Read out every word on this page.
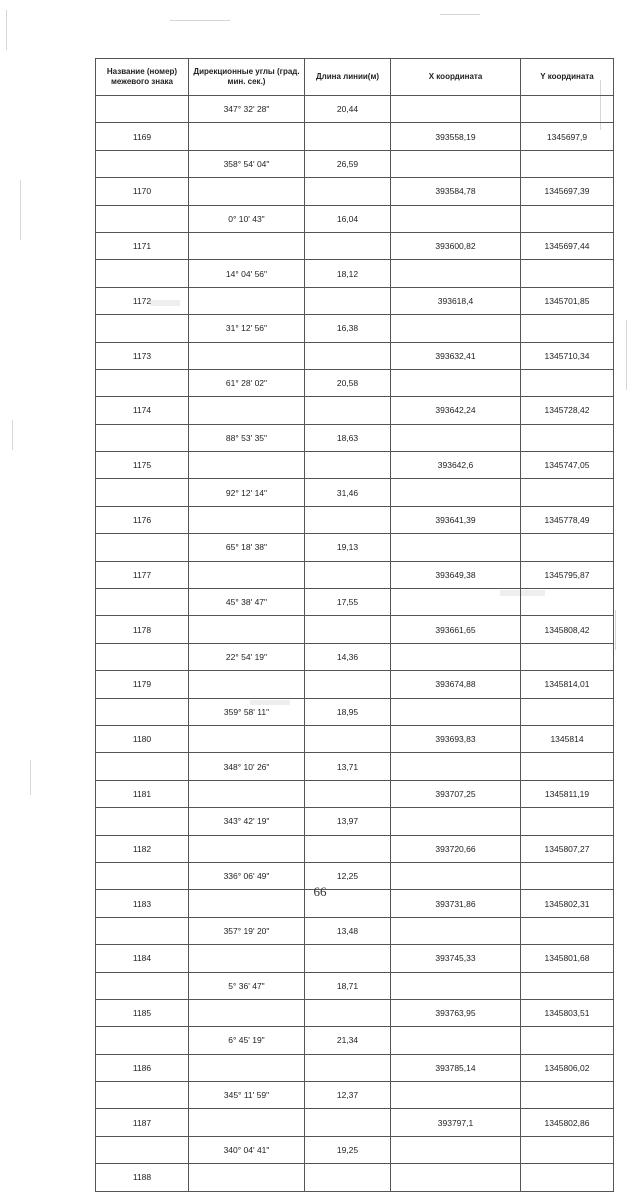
Название (номер) межевого знака	Дирекционные углы (град. мин. сек.)	Длина линии(м)	X координата	Y координата
	347° 32' 28"	20,44		
1169			393558,19	1345697,9
	358° 54' 04"	26,59		
1170			393584,78	1345697,39
	0° 10' 43"	16,04		
1171			393600,82	1345697,44
	14° 04' 56"	18,12		
1172			393618,4	1345701,85
	31° 12' 56"	16,38		
1173			393632,41	1345710,34
	61° 28' 02"	20,58		
1174			393642,24	1345728,42
	88° 53' 35"	18,63		
1175			393642,6	1345747,05
	92° 12' 14"	31,46		
1176			393641,39	1345778,49
	65° 18' 38"	19,13		
1177			393649,38	1345795,87
	45° 38' 47"	17,55		
1178			393661,65	1345808,42
	22° 54' 19"	14,36		
1179			393674,88	1345814,01
	359° 58' 11"	18,95		
1180			393693,83	1345814
	348° 10' 26"	13,71		
1181			393707,25	1345811,19
	343° 42' 19"	13,97		
1182			393720,66	1345807,27
	336° 06' 49"	12,25		
1183			393731,86	1345802,31
	357° 19' 20"	13,48		
1184			393745,33	1345801,68
	5° 36' 47"	18,71		
1185			393763,95	1345803,51
	6° 45' 19"	21,34		
1186			393785,14	1345806,02
	345° 11' 59"	12,37		
1187			393797,1	1345802,86
	340° 04' 41"	19,25		
1188				
66
